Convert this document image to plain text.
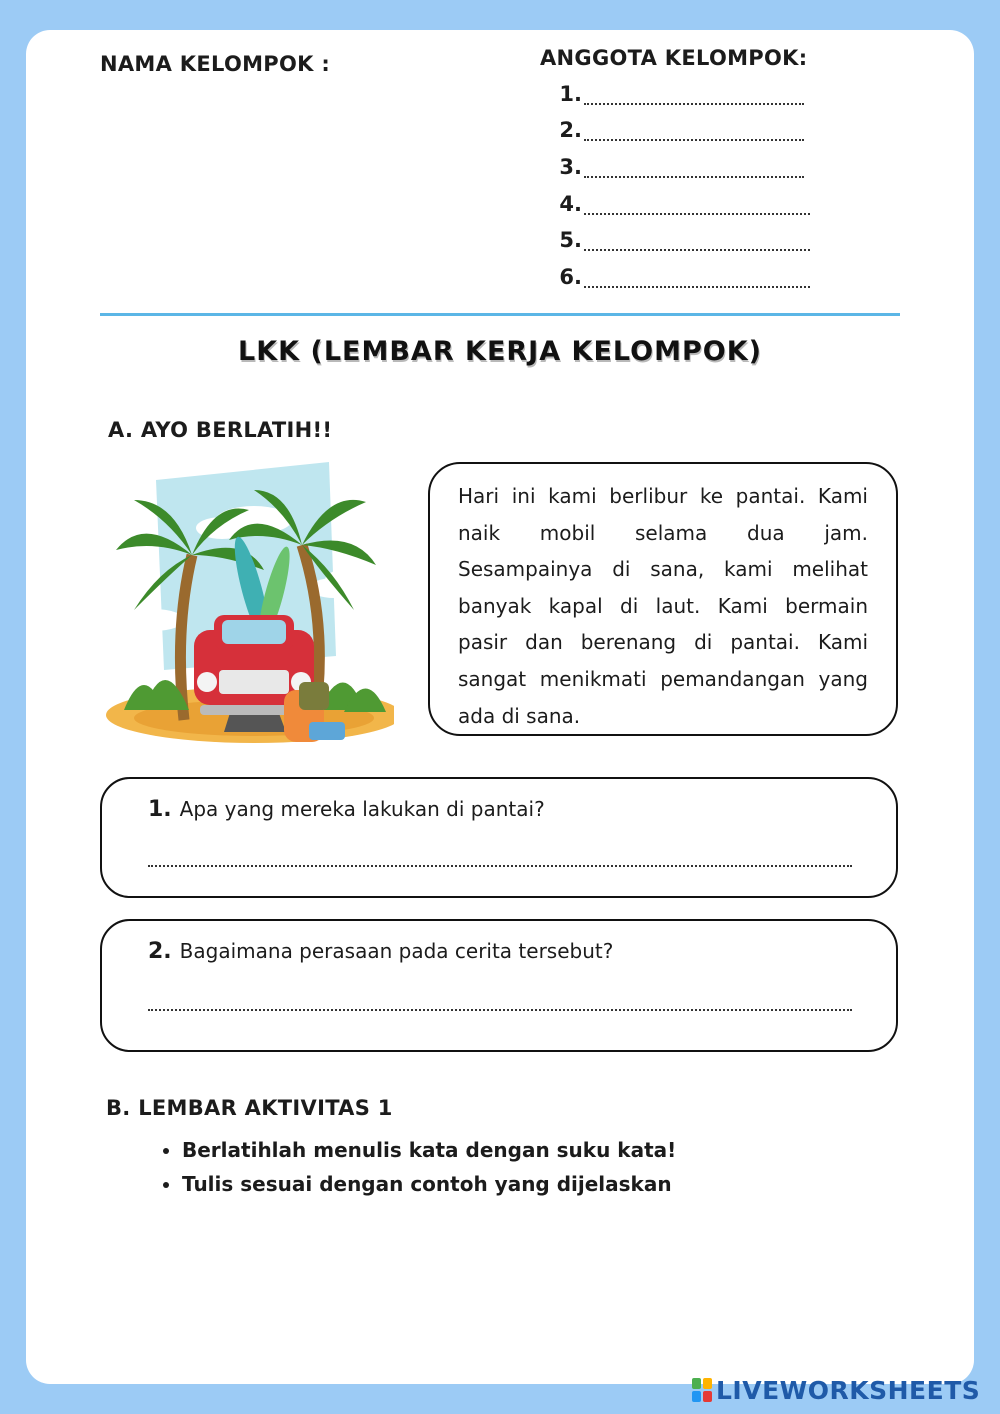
NAMA KELOMPOK :	ANGGOTA KELOMPOK:
1.
2.
3.
4.
5.
6.
LKK (LEMBAR KERJA KELOMPOK)
A. AYO BERLATIH!!

Hari ini kami berlibur ke pantai. Kami naik mobil selama dua jam. Sesampainya di sana, kami melihat banyak kapal di laut. Kami bermain pasir dan berenang di pantai. Kami sangat menikmati pemandangan yang ada di sana.

1. Apa yang mereka lakukan di pantai?
2. Bagaimana perasaan pada cerita tersebut?
B. LEMBAR AKTIVITAS 1
• Berlatihlah menulis kata dengan suku kata!
• Tulis sesuai dengan contoh yang dijelaskan
LIVEWORKSHEETS
